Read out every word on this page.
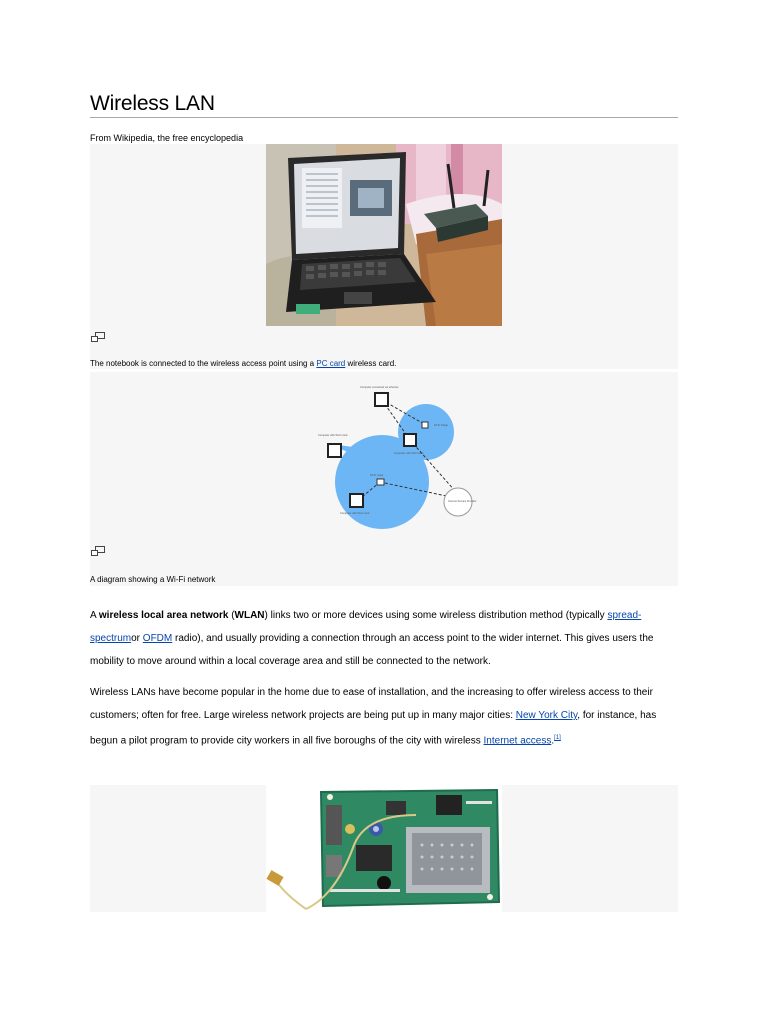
Wireless LAN
From Wikipedia, the free encyclopedia
The notebook is connected to the wireless access point using a PC card wireless card.
Computer connected via ethernet
Wi-Fi bridge
Computer with Wi-Fi card
Computer with Wi-Fi card
Wi-Fi router
Computer with Wi-Fi card
Internet Service Provider
A diagram showing a Wi-Fi network
A wireless local area network (WLAN) links two or more devices using some wireless distribution method (typically spread-spectrumor OFDM radio), and usually providing a connection through an access point to the wider internet. This gives users the mobility to move around within a local coverage area and still be connected to the network.
Wireless LANs have become popular in the home due to ease of installation, and the increasing to offer wireless access to their customers; often for free. Large wireless network projects are being put up in many major cities: New York City, for instance, has begun a pilot program to provide city workers in all five boroughs of the city with wireless Internet access.[1]
